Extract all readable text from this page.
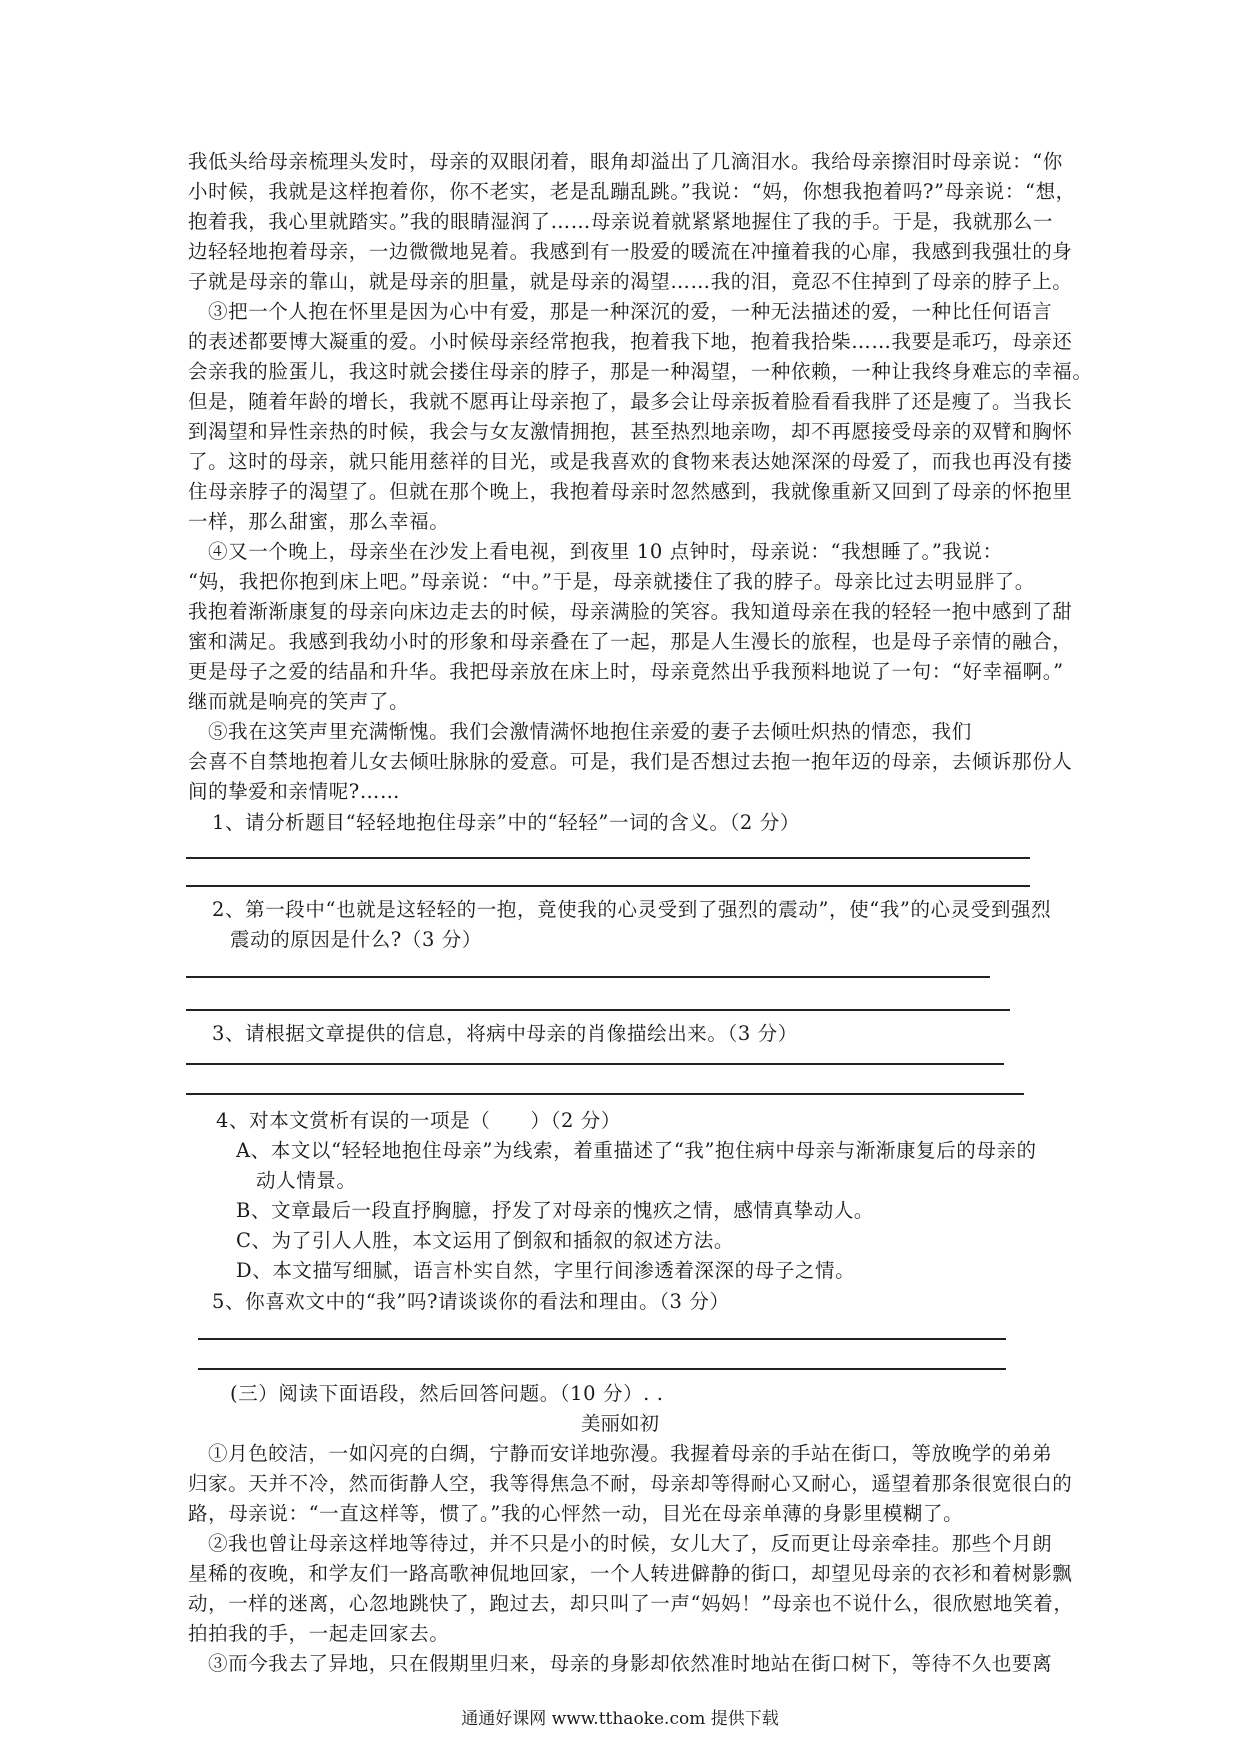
我低头给母亲梳理头发时，母亲的双眼闭着，眼角却溢出了几滴泪水。我给母亲擦泪时母亲说：“你
小时候，我就是这样抱着你，你不老实，老是乱蹦乱跳。”我说：“妈，你想我抱着吗?”母亲说：“想，
抱着我，我心里就踏实。”我的眼睛湿润了……母亲说着就紧紧地握住了我的手。于是，我就那么一
边轻轻地抱着母亲，一边微微地晃着。我感到有一股爱的暖流在冲撞着我的心扉，我感到我强壮的身
子就是母亲的靠山，就是母亲的胆量，就是母亲的渴望……我的泪，竟忍不住掉到了母亲的脖子上。
③把一个人抱在怀里是因为心中有爱，那是一种深沉的爱，一种无法描述的爱，一种比任何语言
的表述都要博大凝重的爱。小时候母亲经常抱我，抱着我下地，抱着我拾柴……我要是乖巧，母亲还
会亲我的脸蛋儿，我这时就会搂住母亲的脖子，那是一种渴望，一种依赖，一种让我终身难忘的幸福。
但是，随着年龄的增长，我就不愿再让母亲抱了，最多会让母亲扳着脸看看我胖了还是瘦了。当我长
到渴望和异性亲热的时候，我会与女友激情拥抱，甚至热烈地亲吻，却不再愿接受母亲的双臂和胸怀
了。这时的母亲，就只能用慈祥的目光，或是我喜欢的食物来表达她深深的母爱了，而我也再没有搂
住母亲脖子的渴望了。但就在那个晚上，我抱着母亲时忽然感到，我就像重新又回到了母亲的怀抱里
一样，那么甜蜜，那么幸福。
④又一个晚上，母亲坐在沙发上看电视，到夜里 10 点钟时，母亲说：“我想睡了。”我说：
“妈，我把你抱到床上吧。”母亲说：“中。”于是，母亲就搂住了我的脖子。母亲比过去明显胖了。
我抱着渐渐康复的母亲向床边走去的时候，母亲满脸的笑容。我知道母亲在我的轻轻一抱中感到了甜
蜜和满足。我感到我幼小时的形象和母亲叠在了一起，那是人生漫长的旅程，也是母子亲情的融合，
更是母子之爱的结晶和升华。我把母亲放在床上时，母亲竟然出乎我预料地说了一句：“好幸福啊。”
继而就是响亮的笑声了。
⑤我在这笑声里充满惭愧。我们会激情满怀地抱住亲爱的妻子去倾吐炽热的情恋，我们
会喜不自禁地抱着儿女去倾吐脉脉的爱意。可是，我们是否想过去抱一抱年迈的母亲，去倾诉那份人
间的挚爱和亲情呢?……
1、请分析题目“轻轻地抱住母亲”中的“轻轻”一词的含义。（2 分）
2、第一段中“也就是这轻轻的一抱，竟使我的心灵受到了强烈的震动”，使“我”的心灵受到强烈
震动的原因是什么?（3 分）
3、请根据文章提供的信息，将病中母亲的肖像描绘出来。（3 分）
4、对本文赏析有误的一项是（　　）（2 分）
A、本文以“轻轻地抱住母亲”为线索，着重描述了“我”抱住病中母亲与渐渐康复后的母亲的
动人情景。
B、文章最后一段直抒胸臆，抒发了对母亲的愧疚之情，感情真挚动人。
C、为了引人人胜，本文运用了倒叙和插叙的叙述方法。
D、本文描写细腻，语言朴实自然，字里行间渗透着深深的母子之情。
5、你喜欢文中的“我”吗?请谈谈你的看法和理由。（3 分）
(三）阅读下面语段，然后回答问题。（10 分）. .
美丽如初
①月色皎洁，一如闪亮的白绸，宁静而安详地弥漫。我握着母亲的手站在街口，等放晚学的弟弟
归家。天并不冷，然而街静人空，我等得焦急不耐，母亲却等得耐心又耐心，遥望着那条很宽很白的
路，母亲说：“一直这样等，惯了。”我的心怦然一动，目光在母亲单薄的身影里模糊了。
②我也曾让母亲这样地等待过，并不只是小的时候，女儿大了，反而更让母亲牵挂。那些个月朗
星稀的夜晚，和学友们一路高歌神侃地回家，一个人转进僻静的街口，却望见母亲的衣衫和着树影飘
动，一样的迷离，心忽地跳快了，跑过去，却只叫了一声“妈妈！”母亲也不说什么，很欣慰地笑着，
拍拍我的手，一起走回家去。
③而今我去了异地，只在假期里归来，母亲的身影却依然准时地站在街口树下，等待不久也要离
通通好课网 www.tthaoke.com 提供下载
